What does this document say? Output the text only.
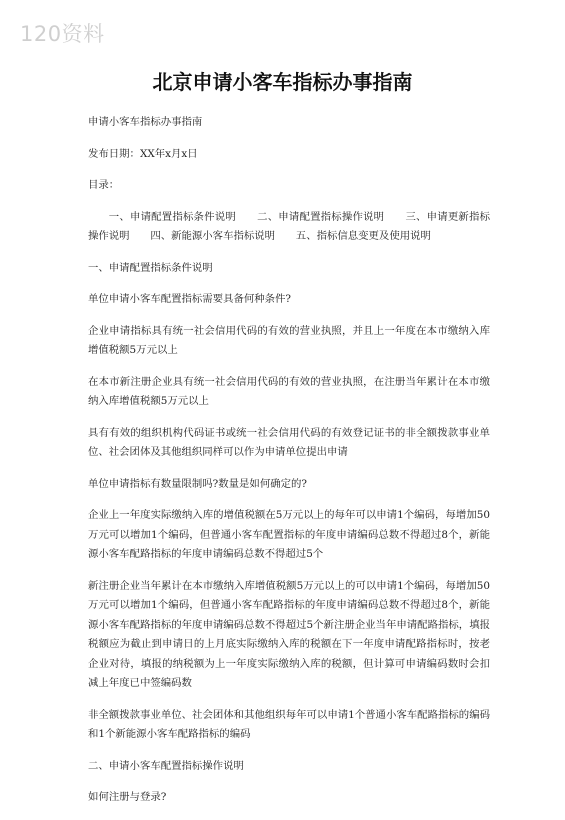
120资料
北京申请小客车指标办事指南

申请小客车指标办事指南

发布日期：XX年x月x日

目录：

一、申请配置指标条件说明　　二、申请配置指标操作说明　　三、申请更新指标操作说明　　四、新能源小客车指标说明　　五、指标信息变更及使用说明

一、申请配置指标条件说明

单位申请小客车配置指标需要具备何种条件?

企业申请指标具有统一社会信用代码的有效的营业执照，并且上一年度在本市缴纳入库增值税额5万元以上

在本市新注册企业具有统一社会信用代码的有效的营业执照，在注册当年累计在本市缴纳入库增值税额5万元以上

具有有效的组织机构代码证书或统一社会信用代码的有效登记证书的非全额拨款事业单位、社会团体及其他组织同样可以作为申请单位提出申请

单位申请指标有数量限制吗?数量是如何确定的?

企业上一年度实际缴纳入库的增值税额在5万元以上的每年可以申请1个编码，每增加50万元可以增加1个编码，但普通小客车配置指标的年度申请编码总数不得超过8个，新能源小客车配路指标的年度申请编码总数不得超过5个

新注册企业当年累计在本市缴纳入库增值税额5万元以上的可以申请1个编码，每增加50万元可以增加1个编码，但普通小客车配路指标的年度申请编码总数不得超过8个，新能源小客车配路指标的年度申请编码总数不得超过5个新注册企业当年申请配路指标，填报税额应为截止到申请日的上月底实际缴纳入库的税额在下一年度申请配路指标时，按老企业对待，填报的纳税额为上一年度实际缴纳入库的税额，但计算可申请编码数时会扣减上年度已中签编码数

非全额拨款事业单位、社会团体和其他组织每年可以申请1个普通小客车配路指标的编码和1个新能源小客车配路指标的编码

二、申请小客车配置指标操作说明

如何注册与登录?
